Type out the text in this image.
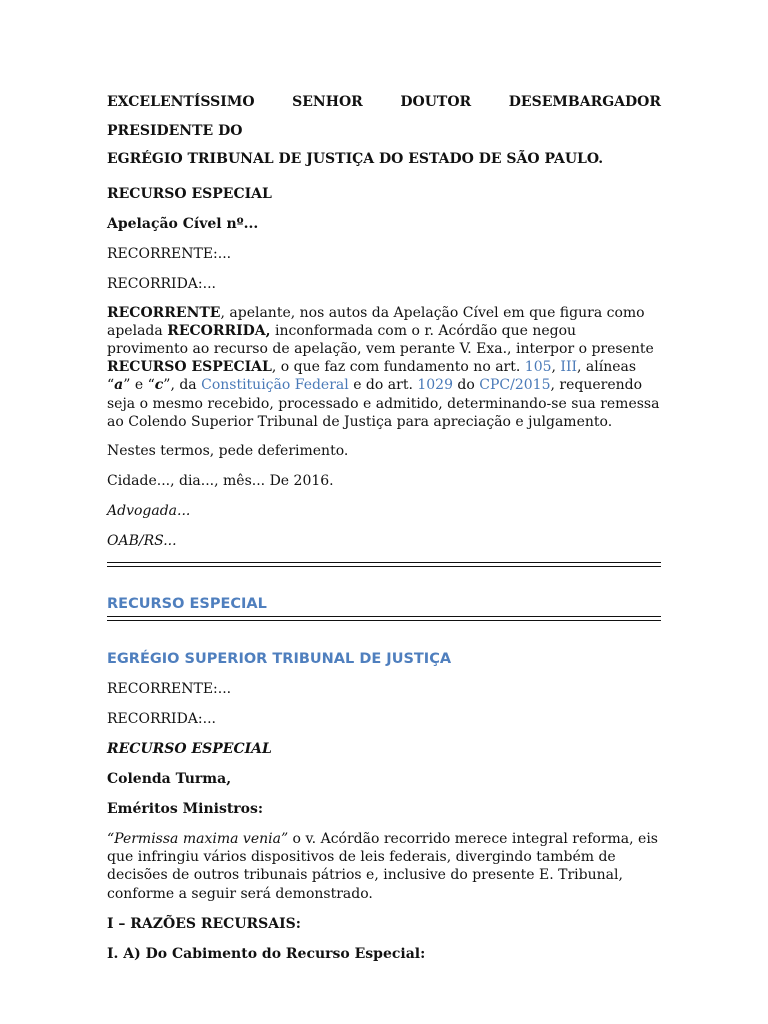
EXCELENTÍSSIMO SENHOR DOUTOR DESEMBARGADOR PRESIDENTE DO

EGRÉGIO TRIBUNAL DE JUSTIÇA DO ESTADO DE SÃO PAULO.

RECURSO ESPECIAL

Apelação Cível nº...

RECORRENTE:...

RECORRIDA:...

RECORRENTE, apelante, nos autos da Apelação Cível em que figura como apelada RECORRIDA, inconformada com o r. Acórdão que negou provimento ao recurso de apelação, vem perante V. Exa., interpor o presente RECURSO ESPECIAL, o que faz com fundamento no art. 105, III, alíneas “a” e “c”, da Constituição Federal e do art. 1029 do CPC/2015, requerendo seja o mesmo recebido, processado e admitido, determinando-se sua remessa ao Colendo Superior Tribunal de Justiça para apreciação e julgamento.

Nestes termos, pede deferimento.

Cidade..., dia..., mês... De 2016.

Advogada...

OAB/RS...

RECURSO ESPECIAL

EGRÉGIO SUPERIOR TRIBUNAL DE JUSTIÇA

RECORRENTE:...

RECORRIDA:...

RECURSO ESPECIAL

Colenda Turma,

Eméritos Ministros:

“Permissa maxima venia” o v. Acórdão recorrido merece integral reforma, eis que infringiu vários dispositivos de leis federais, divergindo também de decisões de outros tribunais pátrios e, inclusive do presente E. Tribunal, conforme a seguir será demonstrado.

I – RAZÕES RECURSAIS:

I. A) Do Cabimento do Recurso Especial:
